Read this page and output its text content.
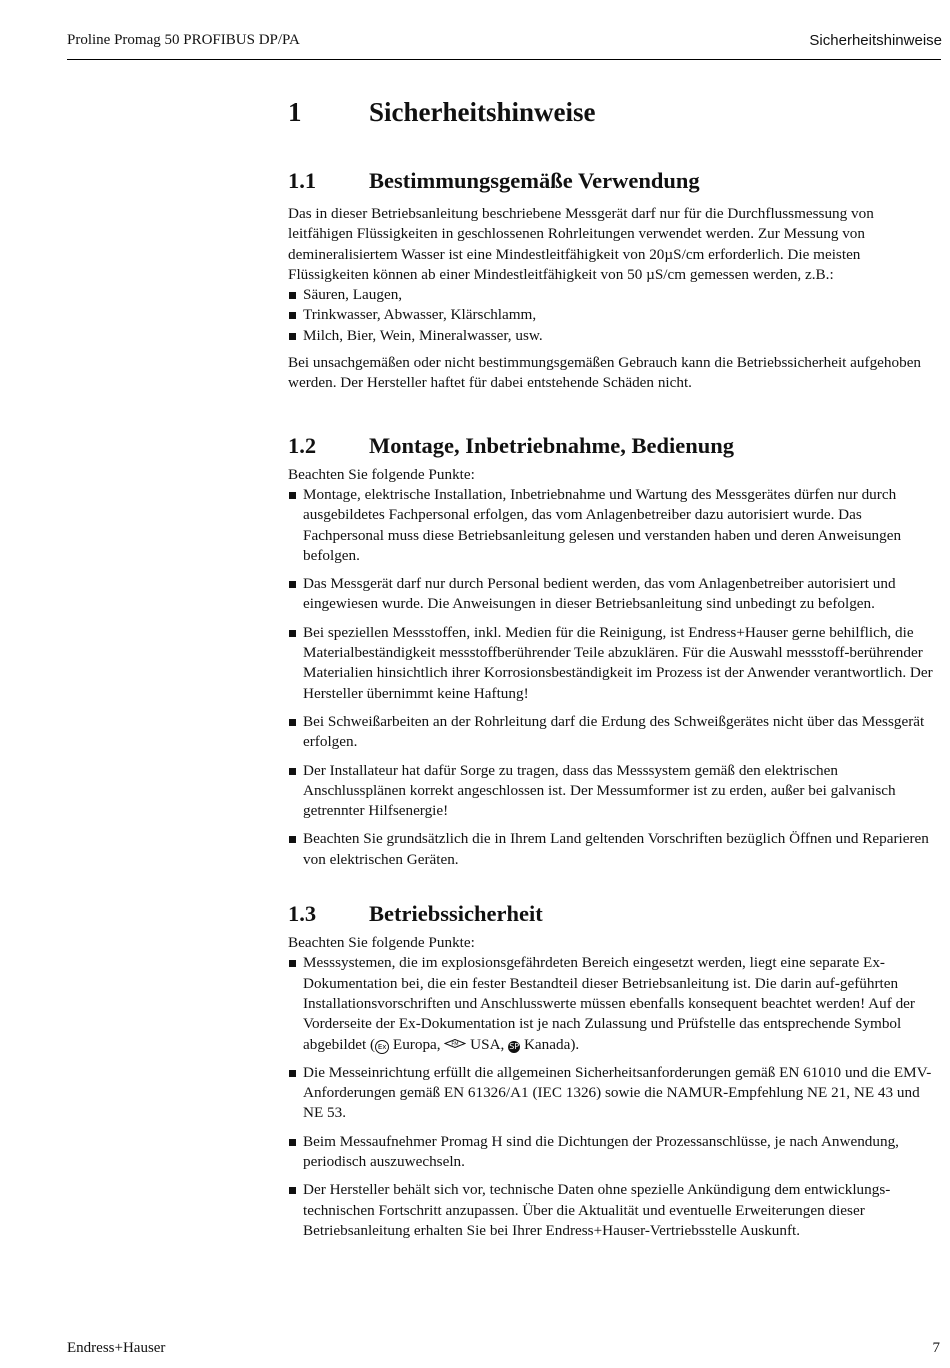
Proline Promag 50 PROFIBUS DP/PA	Sicherheitshinweise
1	Sicherheitshinweise
1.1	Bestimmungsgemäße Verwendung

Das in dieser Betriebsanleitung beschriebene Messgerät darf nur für die Durchflussmessung von leitfähigen Flüssigkeiten in geschlossenen Rohrleitungen verwendet werden. Zur Messung von demineralisiertem Wasser ist eine Mindestleitfähigkeit von 20µS/cm erforderlich. Die meisten Flüssigkeiten können ab einer Mindestleitfähigkeit von 50 µS/cm gemessen werden, z.B.:

Säuren, Laugen,
Trinkwasser, Abwasser, Klärschlamm,
Milch, Bier, Wein, Mineralwasser, usw.

Bei unsachgemäßen oder nicht bestimmungsgemäßen Gebrauch kann die Betriebssicherheit aufgehoben werden. Der Hersteller haftet für dabei entstehende Schäden nicht.

1.2	Montage, Inbetriebnahme, Bedienung

Beachten Sie folgende Punkte:

Montage, elektrische Installation, Inbetriebnahme und Wartung des Messgerätes dürfen nur durch ausgebildetes Fachpersonal erfolgen, das vom Anlagenbetreiber dazu autorisiert wurde. Das Fachpersonal muss diese Betriebsanleitung gelesen und verstanden haben und deren Anweisungen befolgen.
Das Messgerät darf nur durch Personal bedient werden, das vom Anlagenbetreiber autorisiert und eingewiesen wurde. Die Anweisungen in dieser Betriebsanleitung sind unbedingt zu befolgen.
Bei speziellen Messstoffen, inkl. Medien für die Reinigung, ist Endress+Hauser gerne behilflich, die Materialbeständigkeit messstoffberührender Teile abzuklären. Für die Auswahl messstoff-berührender Materialien hinsichtlich ihrer Korrosionsbeständigkeit im Prozess ist der Anwender verantwortlich. Der Hersteller übernimmt keine Haftung!
Bei Schweißarbeiten an der Rohrleitung darf die Erdung des Schweißgerätes nicht über das Messgerät erfolgen.
Der Installateur hat dafür Sorge zu tragen, dass das Messsystem gemäß den elektrischen Anschlussplänen korrekt angeschlossen ist. Der Messumformer ist zu erden, außer bei galvanisch getrennter Hilfsenergie!
Beachten Sie grundsätzlich die in Ihrem Land geltenden Vorschriften bezüglich Öffnen und Reparieren von elektrischen Geräten.
1.3	Betriebssicherheit

Beachten Sie folgende Punkte:

Messsystemen, die im explosionsgefährdeten Bereich eingesetzt werden, liegt eine separate Ex-Dokumentation bei, die ein fester Bestandteil dieser Betriebsanleitung ist. Die darin auf-geführten Installationsvorschriften und Anschlusswerte müssen ebenfalls konsequent beachtet werden! Auf der Vorderseite der Ex-Dokumentation ist je nach Zulassung und Prüfstelle das entsprechende Symbol abgebildet ( Ex Europa, FM USA, SP Kanada).
Die Messeinrichtung erfüllt die allgemeinen Sicherheitsanforderungen gemäß EN 61010 und die EMV-Anforderungen gemäß EN 61326/A1 (IEC 1326) sowie die NAMUR-Empfehlung NE 21, NE 43 und NE 53.
Beim Messaufnehmer Promag H sind die Dichtungen der Prozessanschlüsse, je nach Anwendung, periodisch auszuwechseln.
Der Hersteller behält sich vor, technische Daten ohne spezielle Ankündigung dem entwicklungs-technischen Fortschritt anzupassen. Über die Aktualität und eventuelle Erweiterungen dieser Betriebsanleitung erhalten Sie bei Ihrer Endress+Hauser-Vertriebsstelle Auskunft.
Endress+Hauser	7
